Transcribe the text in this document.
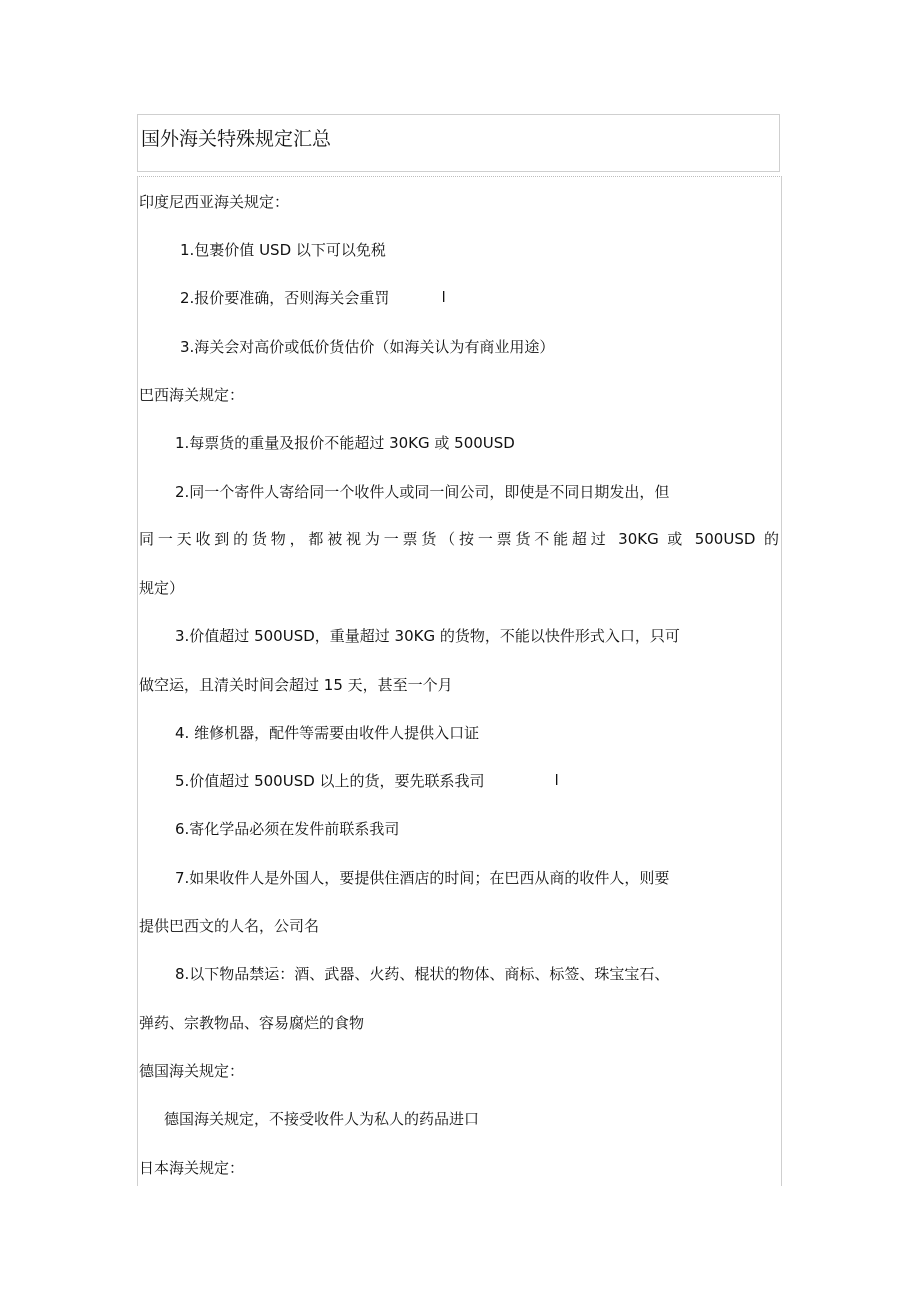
国外海关特殊规定汇总
印度尼西亚海关规定：
1.包裹价值 USD 以下可以免税
2.报价要准确，否则海关会重罚	l
3.海关会对高价或低价货估价（如海关认为有商业用途）
巴西海关规定：
1.每票货的重量及报价不能超过 30KG 或 500USD
2.同一个寄件人寄给同一个收件人或同一间公司，即使是不同日期发出，但
同一天收到的货物，都被视为一票货（按一票货不能超过 30KG 或 500USD 的
规定）
3.价值超过 500USD，重量超过 30KG 的货物，不能以快件形式入口，只可
做空运，且清关时间会超过 15 天，甚至一个月
4. 维修机器，配件等需要由收件人提供入口证
5.价值超过 500USD 以上的货，要先联系我司	l
6.寄化学品必须在发件前联系我司
7.如果收件人是外国人，要提供住酒店的时间；在巴西从商的收件人，则要
提供巴西文的人名，公司名
8.以下物品禁运：酒、武器、火药、棍状的物体、商标、标签、珠宝宝石、
弹药、宗教物品、容易腐烂的食物
德国海关规定：
德国海关规定，不接受收件人为私人的药品进口
日本海关规定：
